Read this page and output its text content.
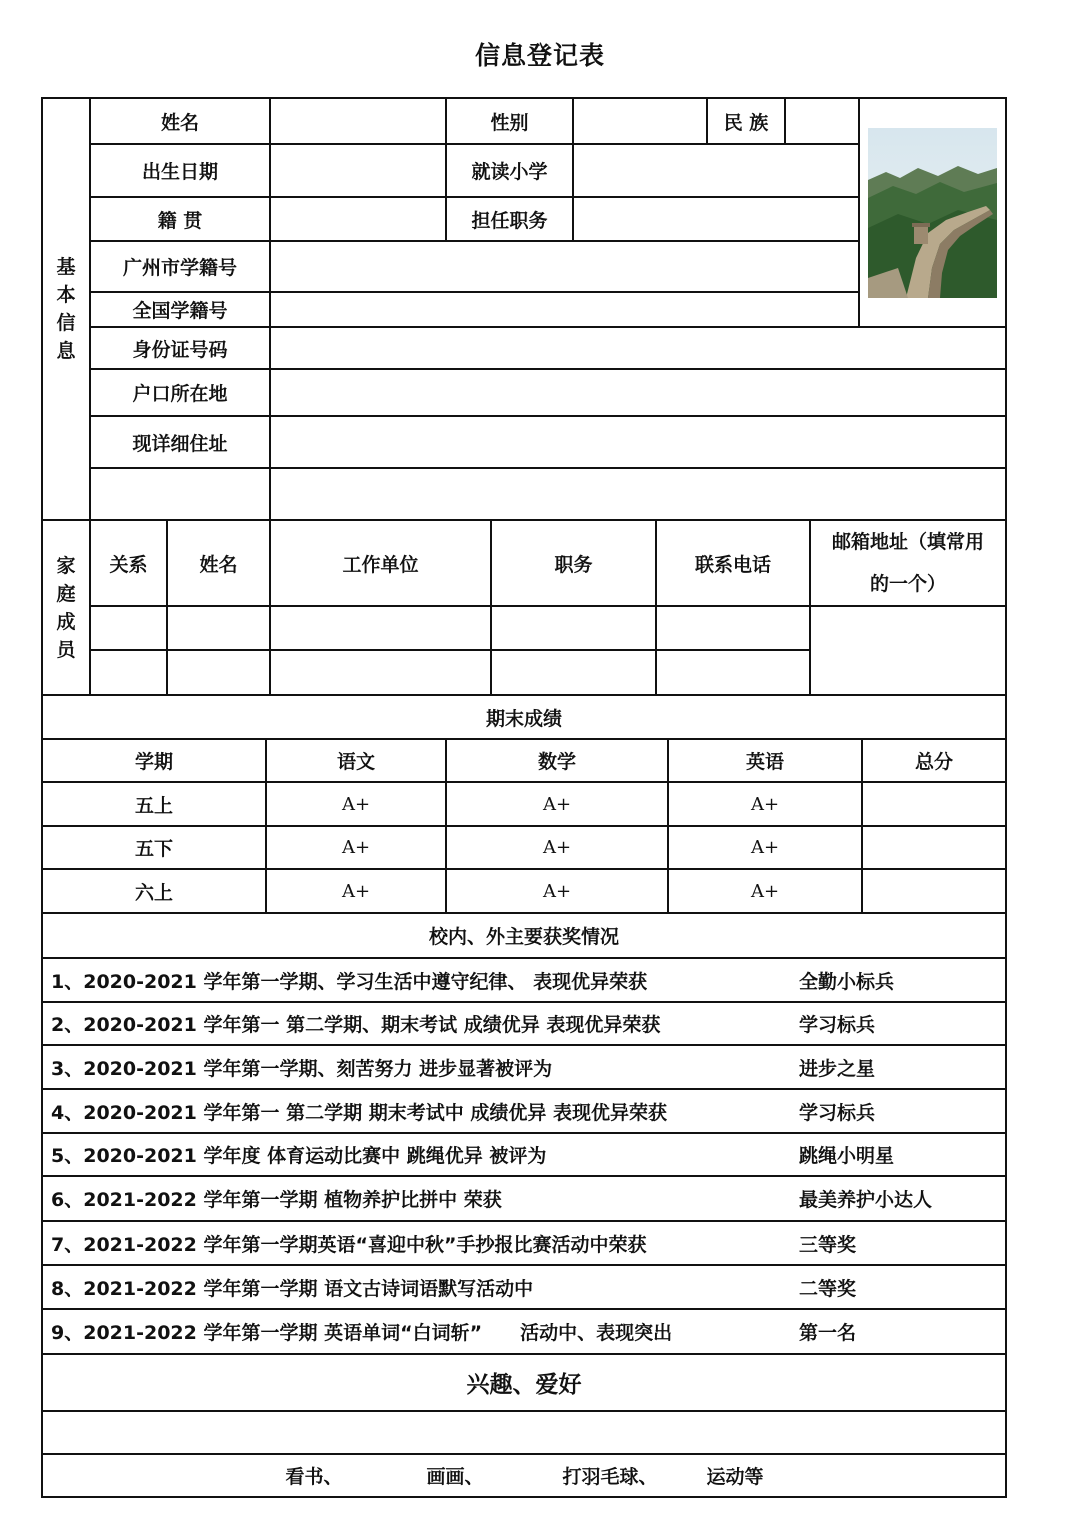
信息登记表
基
本
信
息
姓名	性别	民 族
出生日期	就读小学
籍 贯	担任职务
广州市学籍号
全国学籍号
身份证号码
户口所在地
现详细住址
家
庭
成
员
关系	姓名	工作单位	职务	联系电话
邮箱地址（填常用
的一个）
期末成绩
学期	语文	数学	英语	总分
五上	A+	A+	A+
五下	A+	A+	A+
六上	A+	A+	A+
校内、外主要获奖情况
1、2020-2021 学年第一学期、学习生活中遵守纪律、 表现优异荣获	全勤小标兵
2、2020-2021 学年第一 第二学期、期末考试 成绩优异 表现优异荣获	学习标兵
3、2020-2021 学年第一学期、刻苦努力 进步显著被评为	进步之星
4、2020-2021 学年第一 第二学期 期末考试中 成绩优异 表现优异荣获	学习标兵
5、2020-2021 学年度 体育运动比赛中 跳绳优异 被评为	跳绳小明星
6、2021-2022 学年第一学期 植物养护比拼中 荣获	最美养护小达人
7、2021-2022 学年第一学期英语“喜迎中秋”手抄报比赛活动中荣获	三等奖
8、2021-2022 学年第一学期 语文古诗词语默写活动中	二等奖
9、2021-2022 学年第一学期 英语单词“白词斩”　　活动中、表现突出	第一名
兴趣、爱好
看书、	画画、	打羽毛球、	运动等
